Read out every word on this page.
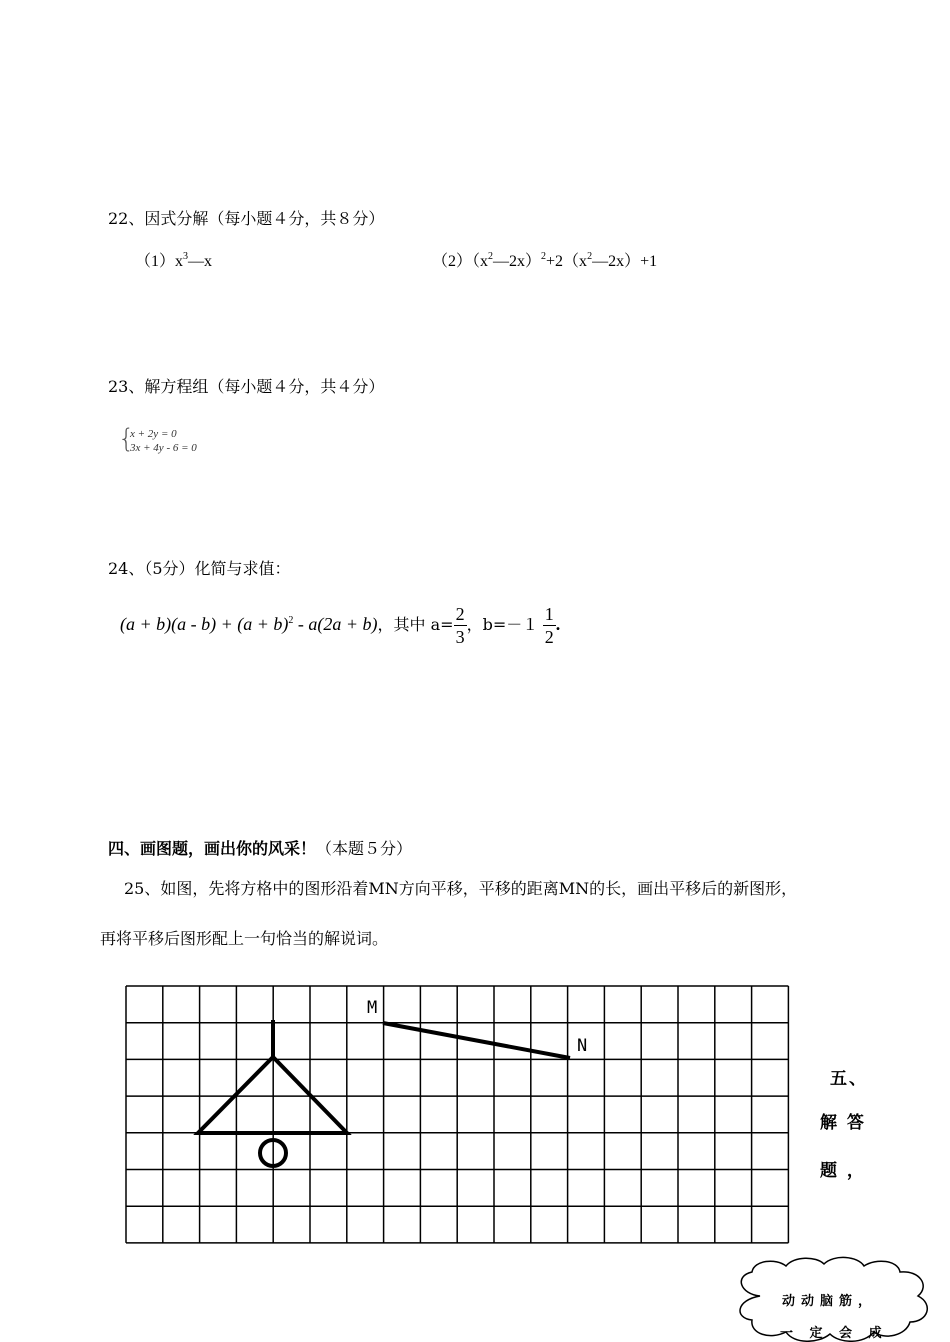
22、因式分解（每小题４分，共８分）
$(1)x^3—x$	$(2)(x^2—2x)^2+2(x^2—2x)+1$
23、解方程组（每小题４分，共４分）
{
x + 2y = 0
3x + 4y - 6 = 0
24、（5分）化简与求值：
$(a + b)(a - b) + (a + b)^2 - a(2a + b)$，其中 $a= \frac{2}{3}$ ，$b=-1 \frac{1}{2}$ .
四、画图题，画出你的风采！（本题５分）
25、如图，先将方格中的图形沿着MN方向平移，平移的距离MN的长，画出平移后的新图形，
再将平移后图形配上一句恰当的解说词。
M
N
五、
解 答
题 ，
动动脑筋，
一 定 会 成
